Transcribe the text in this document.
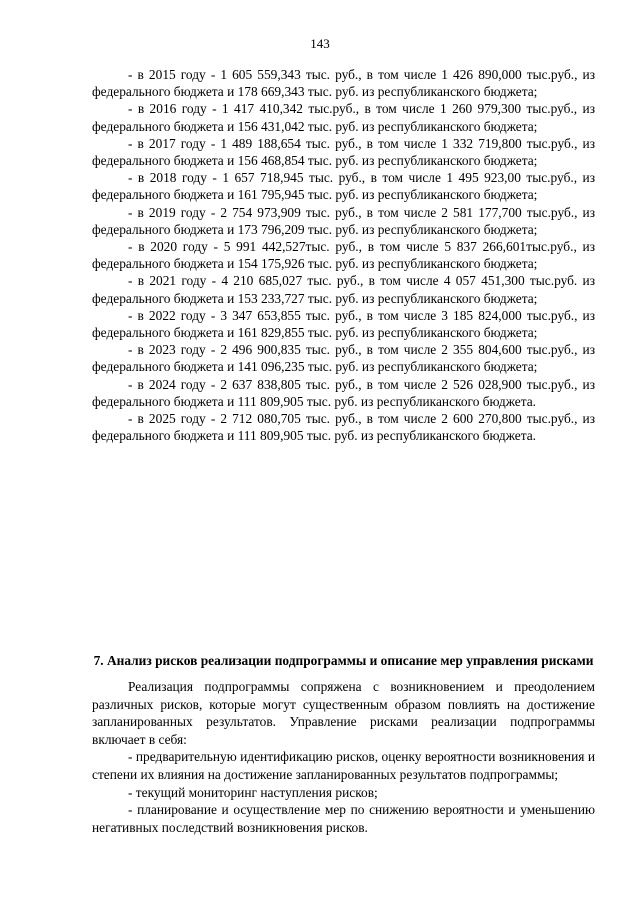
143

- в 2015 году - 1 605 559,343 тыс. руб., в том числе 1 426 890,000 тыс.руб., из федерального бюджета и 178 669,343 тыс. руб. из республиканского бюджета;

- в 2016 году - 1 417 410,342 тыс.руб., в том числе 1 260 979,300 тыс.руб., из федерального бюджета и 156 431,042 тыс. руб. из республиканского бюджета;

- в 2017 году - 1 489 188,654 тыс. руб., в том числе 1 332 719,800 тыс.руб., из федерального бюджета и 156 468,854 тыс. руб. из республиканского бюджета;

- в 2018 году - 1 657 718,945 тыс. руб., в том числе 1 495 923,00 тыс.руб., из федерального бюджета и 161 795,945 тыс. руб. из республиканского бюджета;

- в 2019 году - 2 754 973,909 тыс. руб., в том числе 2 581 177,700 тыс.руб., из федерального бюджета и 173 796,209 тыс. руб. из республиканского бюджета;

- в 2020 году - 5 991 442,527тыс. руб., в том числе 5 837 266,601тыс.руб., из федерального бюджета и 154 175,926 тыс. руб. из республиканского бюджета;

- в 2021 году - 4 210 685,027 тыс. руб., в том числе 4 057 451,300 тыс.руб. из федерального бюджета и 153 233,727 тыс. руб. из республиканского бюджета;

- в 2022 году - 3 347 653,855 тыс. руб., в том числе 3 185 824,000 тыс.руб., из федерального бюджета и 161 829,855 тыс. руб. из республиканского бюджета;

- в 2023 году - 2 496 900,835 тыс. руб., в том числе 2 355 804,600 тыс.руб., из федерального бюджета и 141 096,235 тыс. руб. из республиканского бюджета;

- в 2024 году - 2 637 838,805 тыс. руб., в том числе 2 526 028,900 тыс.руб., из федерального бюджета и 111 809,905 тыс. руб. из республиканского бюджета.

- в 2025 году - 2 712 080,705 тыс. руб., в том числе 2 600 270,800 тыс.руб., из федерального бюджета и 111 809,905 тыс. руб. из республиканского бюджета.

7. Анализ рисков реализации подпрограммы и описание мер управления рисками

Реализация подпрограммы сопряжена с возникновением и преодолением различных рисков, которые могут существенным образом повлиять на достижение запланированных результатов. Управление рисками реализации подпрограммы включает в себя:

- предварительную идентификацию рисков, оценку вероятности возникновения и степени их влияния на достижение запланированных результатов подпрограммы;

- текущий мониторинг наступления рисков;

- планирование и осуществление мер по снижению вероятности и уменьшению негативных последствий возникновения рисков.
